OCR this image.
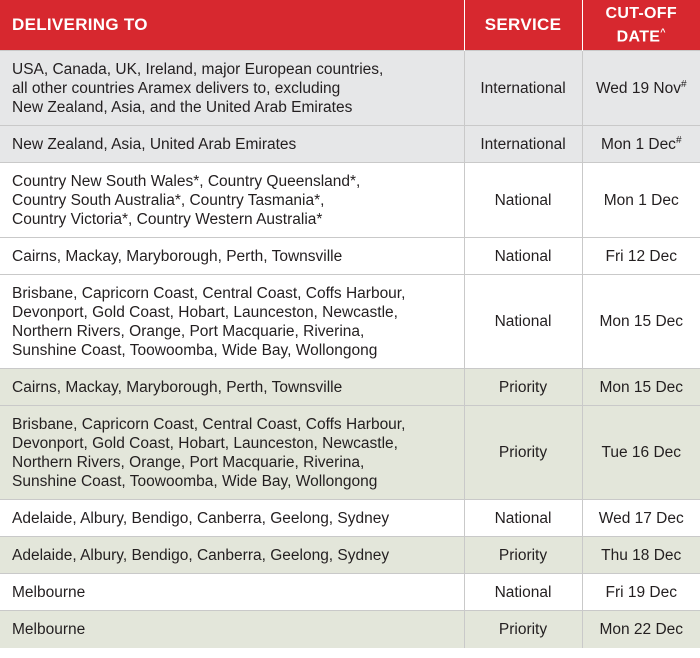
DELIVERING TO	SERVICE	CUT-OFF
DATE^
USA, Canada, UK, Ireland, major European countries,
all other countries Aramex delivers to, excluding
New Zealand, Asia, and the United Arab Emirates	International	Wed 19 Nov#
New Zealand, Asia, United Arab Emirates	International	Mon 1 Dec#
Country New South Wales*, Country Queensland*,
Country South Australia*, Country Tasmania*,
Country Victoria*, Country Western Australia*	National	Mon 1 Dec
Cairns, Mackay, Maryborough, Perth, Townsville	National	Fri 12 Dec
Brisbane, Capricorn Coast, Central Coast, Coffs Harbour,
Devonport, Gold Coast, Hobart, Launceston, Newcastle,
Northern Rivers, Orange, Port Macquarie, Riverina,
Sunshine Coast, Toowoomba, Wide Bay, Wollongong	National	Mon 15 Dec
Cairns, Mackay, Maryborough, Perth, Townsville	Priority	Mon 15 Dec
Brisbane, Capricorn Coast, Central Coast, Coffs Harbour,
Devonport, Gold Coast, Hobart, Launceston, Newcastle,
Northern Rivers, Orange, Port Macquarie, Riverina,
Sunshine Coast, Toowoomba, Wide Bay, Wollongong	Priority	Tue 16 Dec
Adelaide, Albury, Bendigo, Canberra, Geelong, Sydney	National	Wed 17 Dec
Adelaide, Albury, Bendigo, Canberra, Geelong, Sydney	Priority	Thu 18 Dec
Melbourne	National	Fri 19 Dec
Melbourne	Priority	Mon 22 Dec
